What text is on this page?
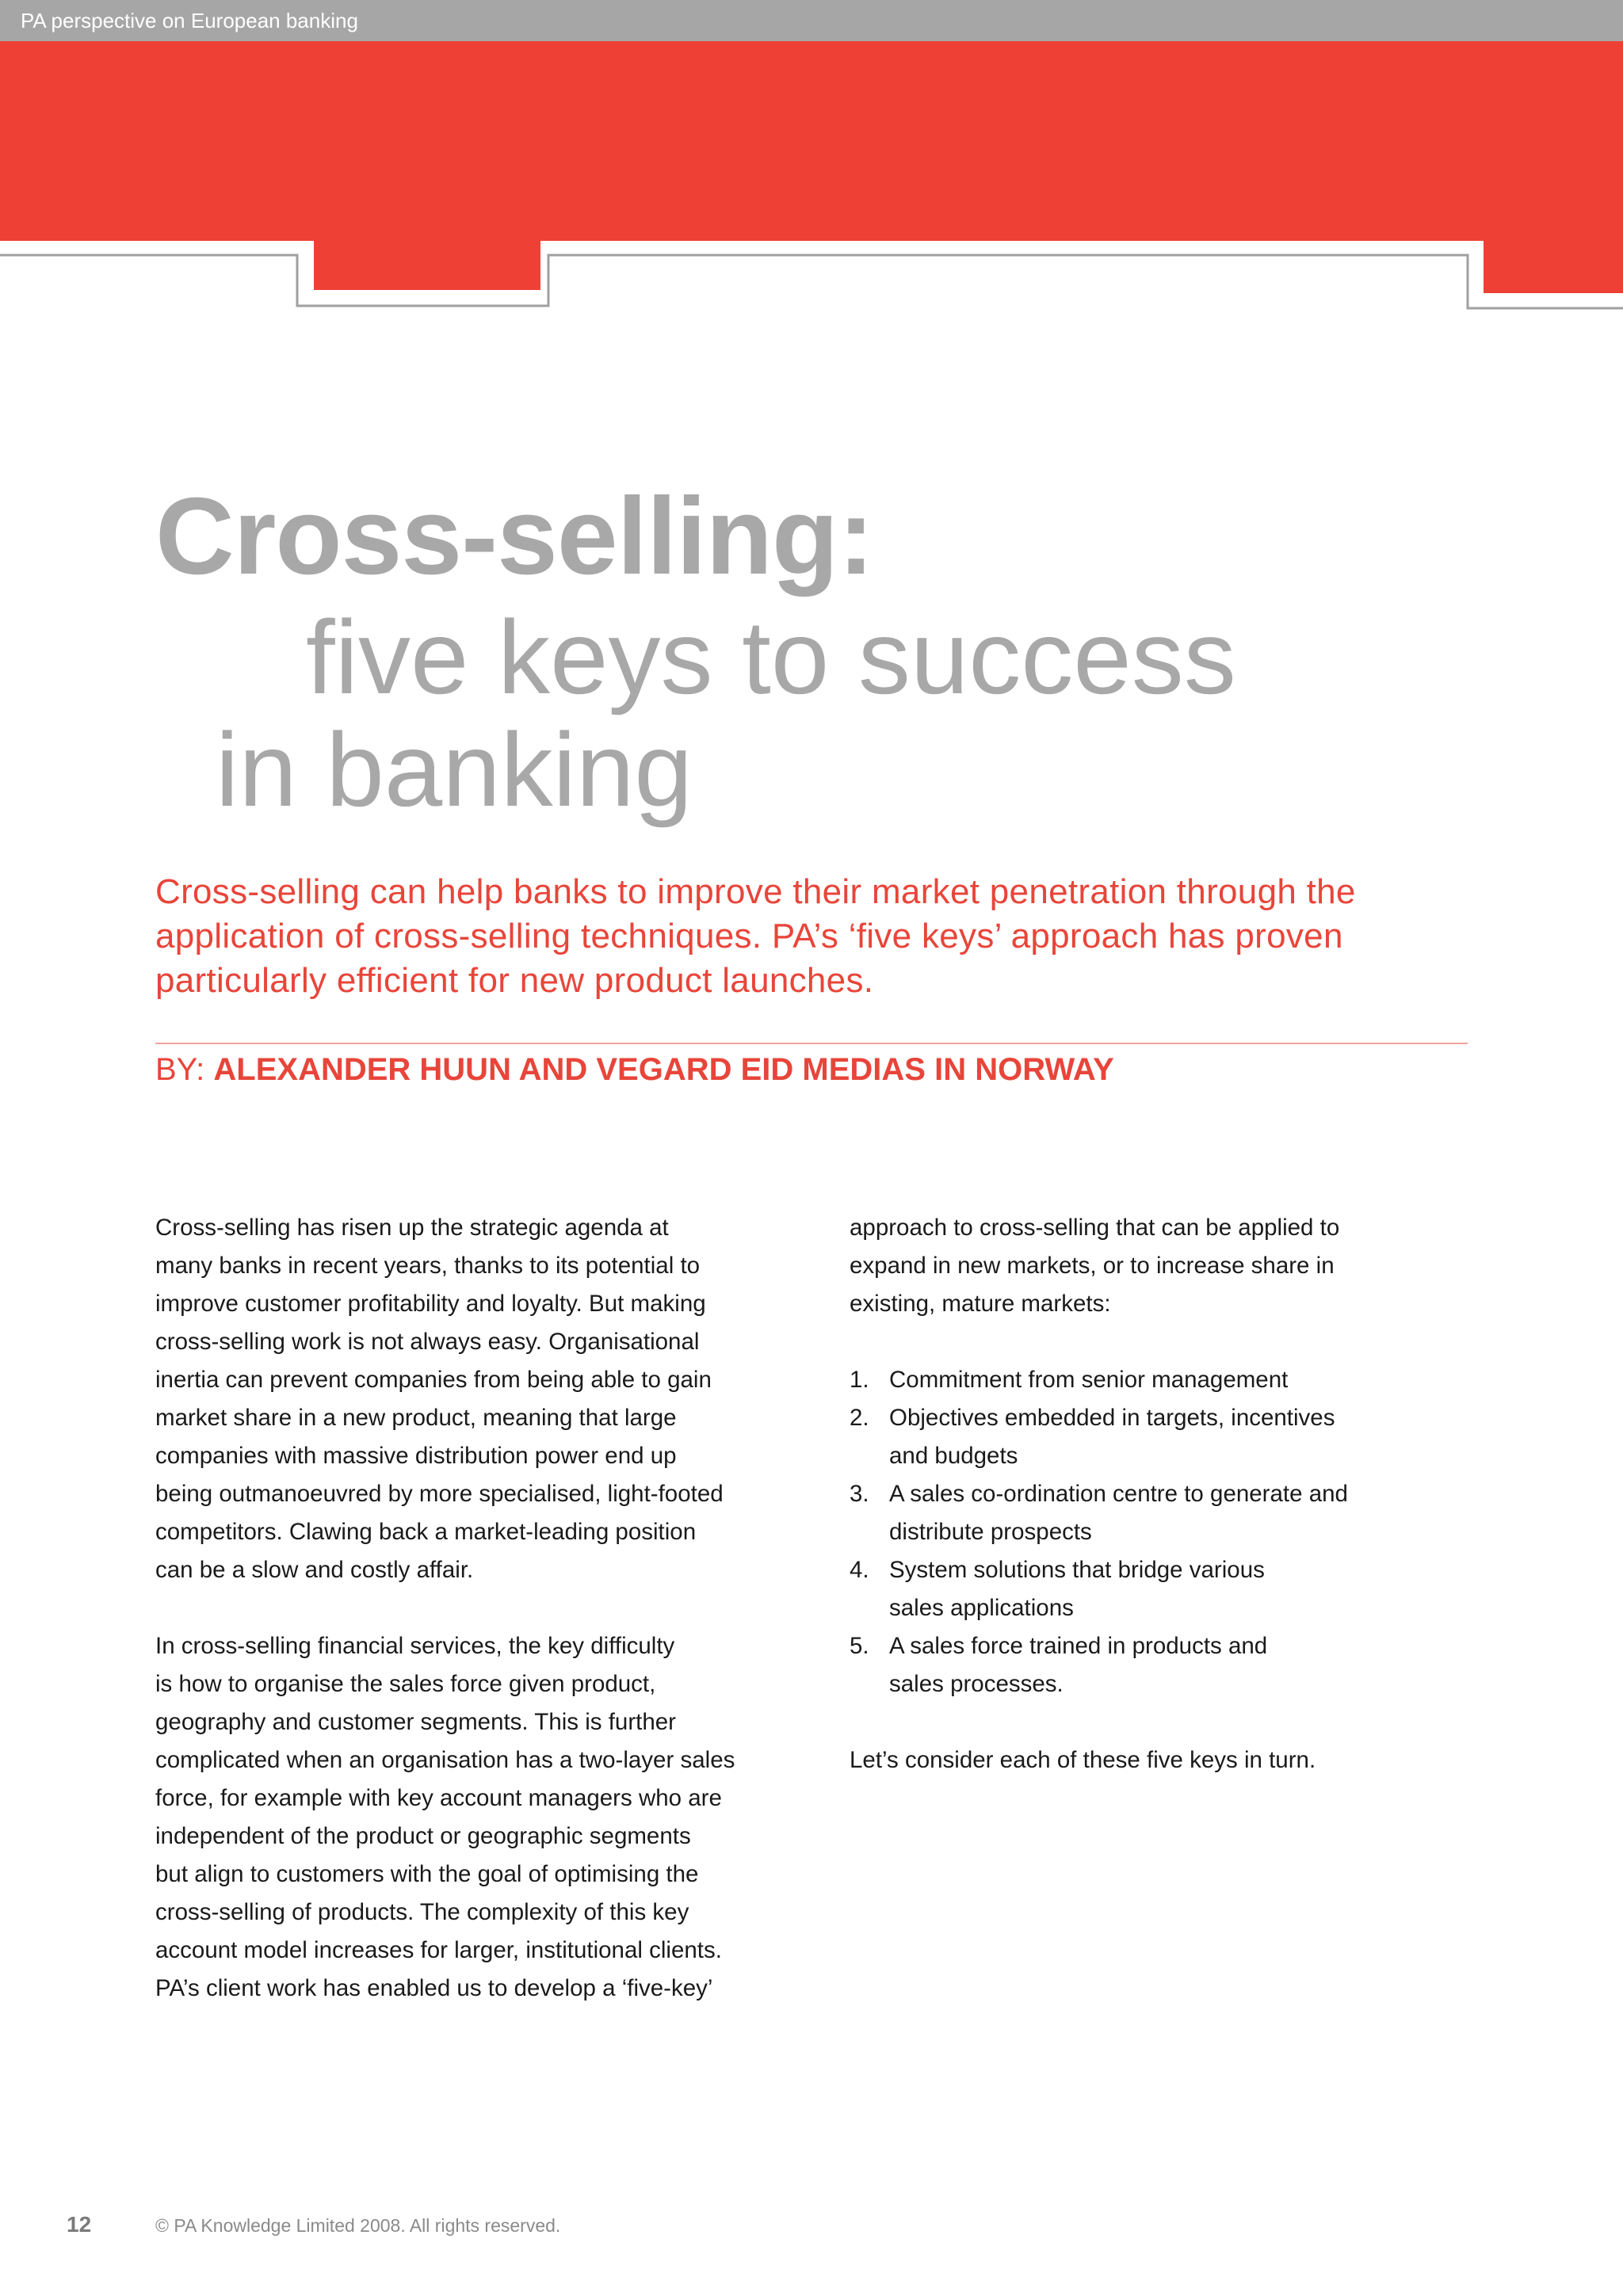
PA perspective on European banking
Cross-selling:
five keys to success
in banking
Cross-selling can help banks to improve their market penetration through the application of cross-selling techniques. PA’s ‘five keys’ approach has proven particularly efficient for new product launches.
BY: ALEXANDER HUUN AND VEGARD EID MEDIAS IN NORWAY

Cross-selling has risen up the strategic agenda at
many banks in recent years, thanks to its potential to
improve customer profitability and loyalty. But making
cross-selling work is not always easy. Organisational
inertia can prevent companies from being able to gain
market share in a new product, meaning that large
companies with massive distribution power end up
being outmanoeuvred by more specialised, light-footed
competitors. Clawing back a market-leading position
can be a slow and costly affair.

In cross-selling financial services, the key difficulty
is how to organise the sales force given product,
geography and customer segments. This is further
complicated when an organisation has a two-layer sales
force, for example with key account managers who are
independent of the product or geographic segments
but align to customers with the goal of optimising the
cross-selling of products. The complexity of this key
account model increases for larger, institutional clients.
PA’s client work has enabled us to develop a ‘five-key’

approach to cross-selling that can be applied to
expand in new markets, or to increase share in
existing, mature markets:

1. Commitment from senior management
2. Objectives embedded in targets, incentives
and budgets
3. A sales co-ordination centre to generate and
distribute prospects
4. System solutions that bridge various
sales applications
5. A sales force trained in products and
sales processes.

Let’s consider each of these five keys in turn.

12	© PA Knowledge Limited 2008. All rights reserved.
